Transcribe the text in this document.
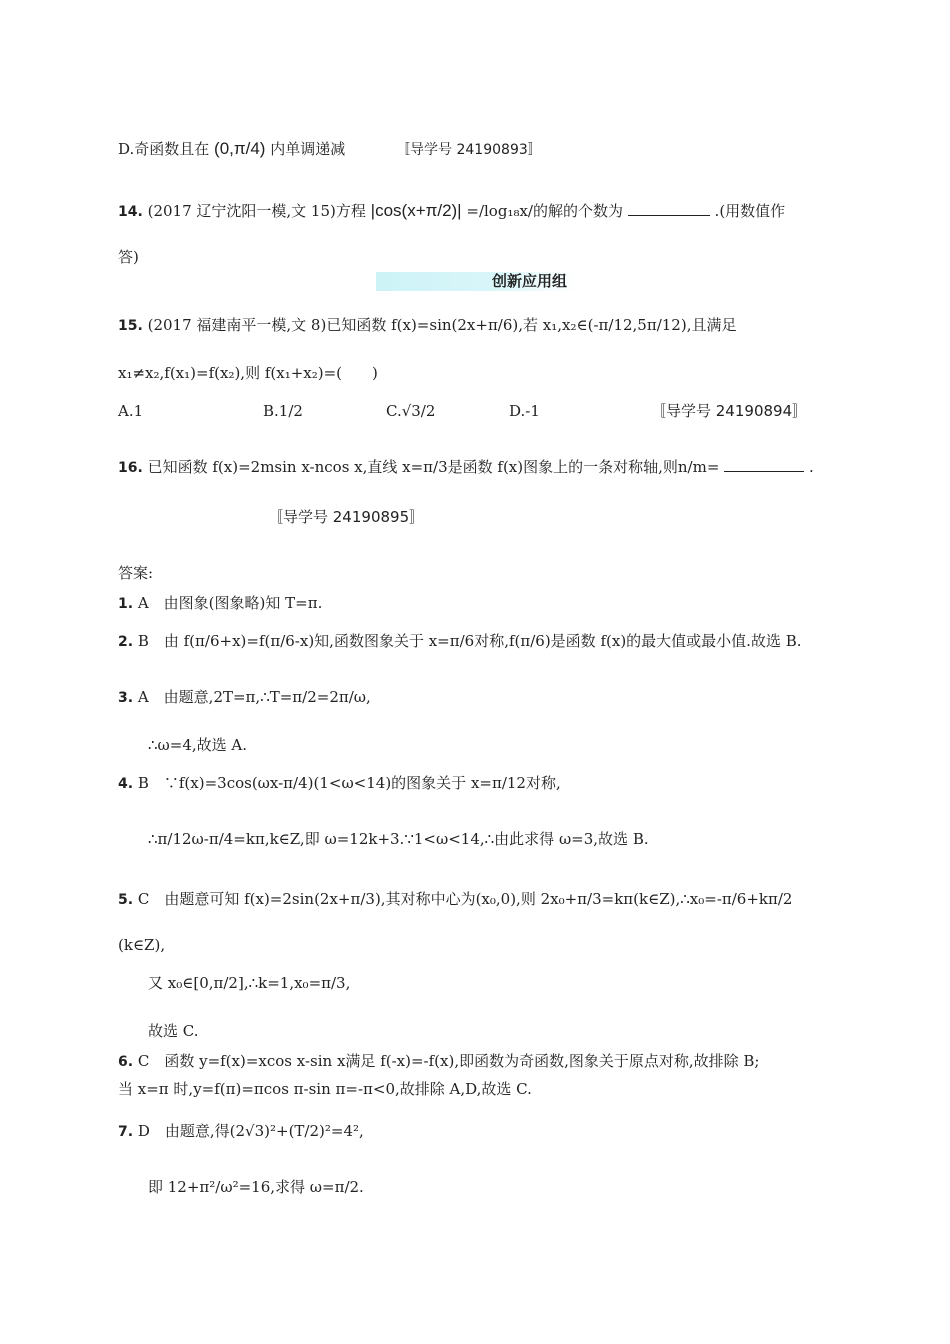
D.奇函数且在 (0,π/4) 内单调递减	〚导学号 24190893〛
14. (2017 辽宁沈阳一模,文 15)方程 |cos(x+π/2)| =/log₁₈x/的解的个数为	.(用数值作
答)
创新应用组
15. (2017 福建南平一模,文 8)已知函数 f(x)=sin(2x+π/6),若 x₁,x₂∈(-π/12,5π/12),且满足
x₁≠x₂,f(x₁)=f(x₂),则 f(x₁+x₂)=(　　)
A.1	B.1/2	C.√3/2	D.-1	〚导学号 24190894〛
16. 已知函数 f(x)=2msin x-ncos x,直线 x=π/3是函数 f(x)图象上的一条对称轴,则n/m=	.
〚导学号 24190895〛
答案:
1. A　由图象(图象略)知 T=π.
2. B　由 f(π/6+x)=f(π/6-x)知,函数图象关于 x=π/6对称,f(π/6)是函数 f(x)的最大值或最小值.故选 B.
3. A　由题意,2T=π,∴T=π/2=2π/ω,
∴ω=4,故选 A.
4. B　∵f(x)=3cos(ωx-π/4)(1<ω<14)的图象关于 x=π/12对称,
∴π/12ω-π/4=kπ,k∈Z,即 ω=12k+3.∵1<ω<14,∴由此求得 ω=3,故选 B.
5. C　由题意可知 f(x)=2sin(2x+π/3),其对称中心为(x₀,0),则 2x₀+π/3=kπ(k∈Z),∴x₀=-π/6+kπ/2
(k∈Z),
又 x₀∈[0,π/2],∴k=1,x₀=π/3,
故选 C.
6. C　函数 y=f(x)=xcos x-sin x满足 f(-x)=-f(x),即函数为奇函数,图象关于原点对称,故排除 B;
当 x=π 时,y=f(π)=πcos π-sin π=-π<0,故排除 A,D,故选 C.
7. D　由题意,得(2√3)²+(T/2)²=4²,
即 12+π²/ω²=16,求得 ω=π/2.
